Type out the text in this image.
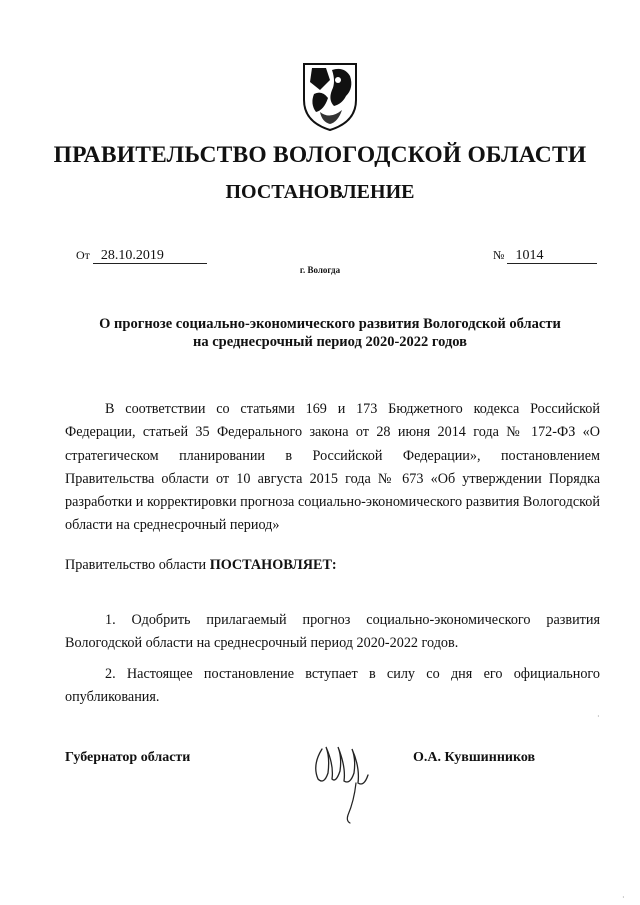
ПРАВИТЕЛЬСТВО ВОЛОГОДСКОЙ ОБЛАСТИ
ПОСТАНОВЛЕНИЕ
От 28.10.2019	№ 1014
г. Вологда
О прогнозе социально-экономического развития Вологодской области
на среднесрочный период 2020-2022 годов

В соответствии со статьями 169 и 173 Бюджетного кодекса Российской Федерации, статьей 35 Федерального закона от 28 июня 2014 года № 172-ФЗ «О стратегическом планировании в Российской Федерации», постановлением Правительства области от 10 августа 2015 года № 673 «Об утверждении Порядка разработки и корректировки прогноза социально-экономического развития Вологодской области на среднесрочный период»

Правительство области ПОСТАНОВЛЯЕТ:

1. Одобрить прилагаемый прогноз социально-экономического развития Вологодской области на среднесрочный период 2020-2022 годов.

2. Настоящее постановление вступает в силу со дня его официального опубликования.

Губернатор области	О.А. Кувшинников
·
·
